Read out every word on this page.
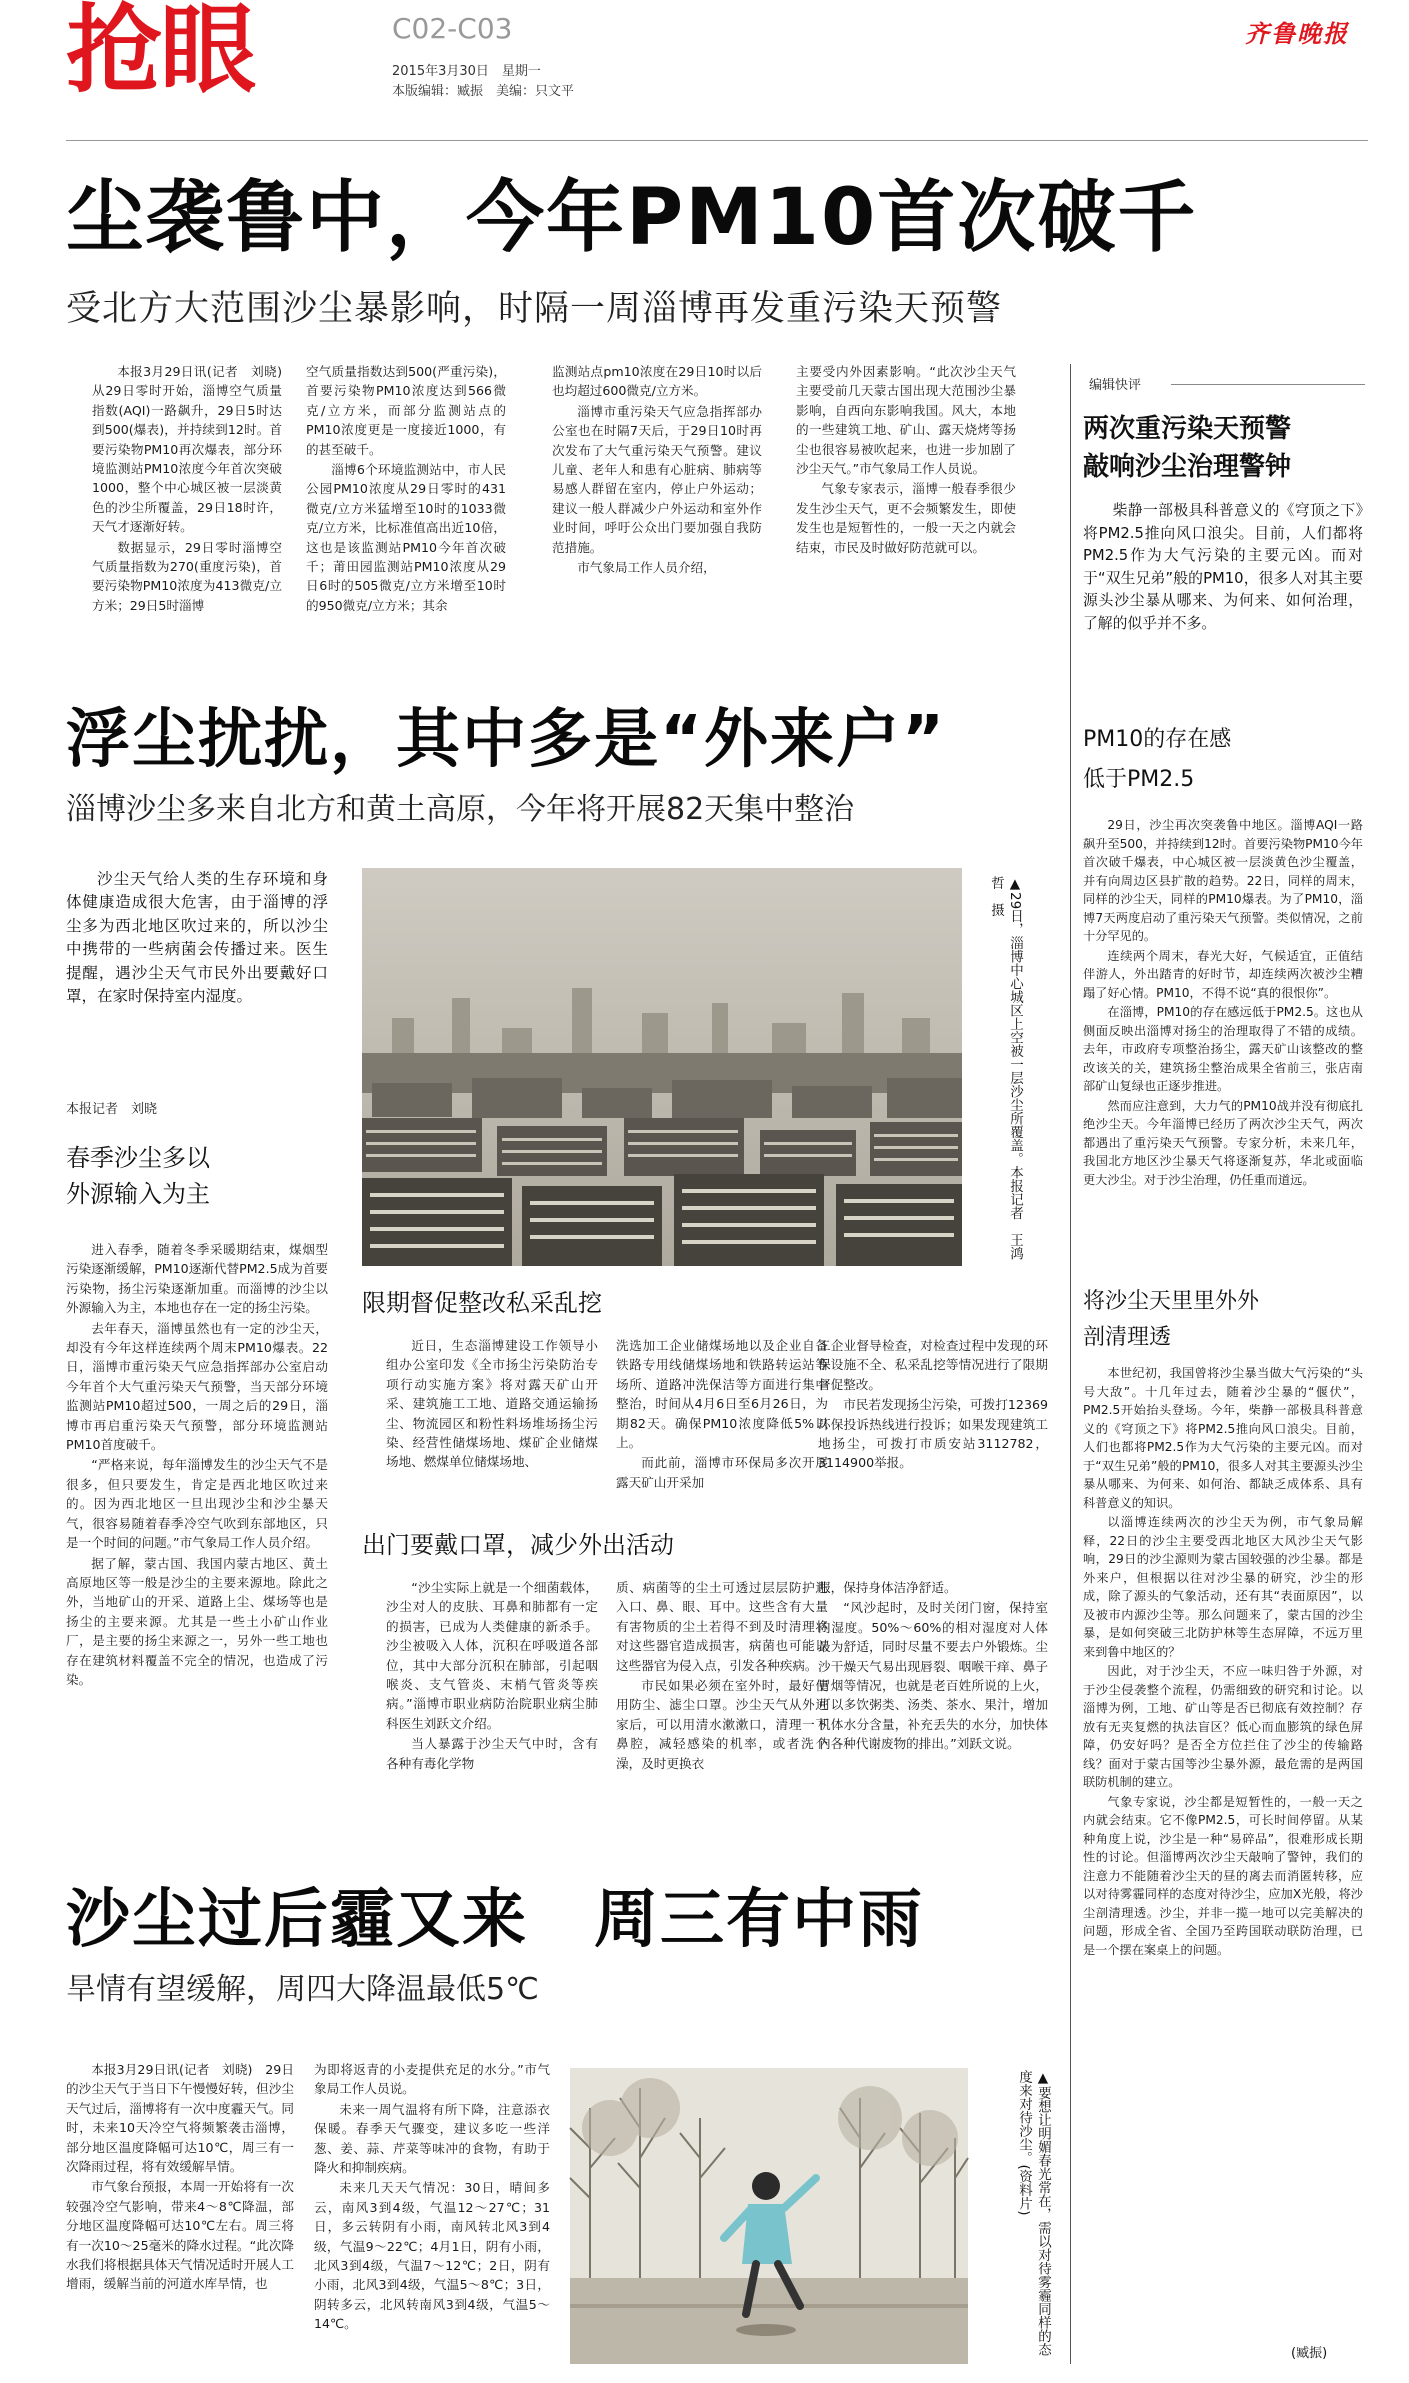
抢眼	C02-C03
2015年3月30日　星期一
本版编辑：臧振　美编：只文平
齐鲁晚报
尘袭鲁中，今年PM10首次破千
受北方大范围沙尘暴影响，时隔一周淄博再发重污染天预警

本报3月29日讯(记者　刘晓)　从29日零时开始，淄博空气质量指数(AQI)一路飙升，29日5时达到500(爆表)，并持续到12时。首要污染物PM10再次爆表，部分环境监测站PM10浓度今年首次突破1000，整个中心城区被一层淡黄色的沙尘所覆盖，29日18时许，天气才逐渐好转。

数据显示，29日零时淄博空气质量指数为270(重度污染)，首要污染物PM10浓度为413微克/立方米；29日5时淄博

空气质量指数达到500(严重污染)，首要污染物PM10浓度达到566微克/立方米，而部分监测站点的PM10浓度更是一度接近1000，有的甚至破千。

淄博6个环境监测站中，市人民公园PM10浓度从29日零时的431微克/立方米猛增至10时的1033微克/立方米，比标准值高出近10倍，这也是该监测站PM10今年首次破千；莆田园监测站PM10浓度从29日6时的505微克/立方米增至10时的950微克/立方米；其余

监测站点pm10浓度在29日10时以后也均超过600微克/立方米。

淄博市重污染天气应急指挥部办公室也在时隔7天后，于29日10时再次发布了大气重污染天气预警。建议儿童、老年人和患有心脏病、肺病等易感人群留在室内，停止户外运动；建议一般人群减少户外运动和室外作业时间，呼吁公众出门要加强自我防范措施。

市气象局工作人员介绍，

主要受内外因素影响。“此次沙尘天气主要受前几天蒙古国出现大范围沙尘暴影响，自西向东影响我国。风大，本地的一些建筑工地、矿山、露天烧烤等扬尘也很容易被吹起来，也进一步加剧了沙尘天气。”市气象局工作人员说。

气象专家表示，淄博一般春季很少发生沙尘天气，更不会频繁发生，即使发生也是短暂性的，一般一天之内就会结束，市民及时做好防范就可以。

浮尘扰扰，其中多是“外来户”
淄博沙尘多来自北方和黄土高原，今年将开展82天集中整治

沙尘天气给人类的生存环境和身体健康造成很大危害，由于淄博的浮尘多为西北地区吹过来的，所以沙尘中携带的一些病菌会传播过来。医生提醒，遇沙尘天气市民外出要戴好口罩，在家时保持室内湿度。

本报记者　刘晓	▲29日，淄博中心城区上空被一层沙尘所覆盖。本报记者　王鸿哲　摄
春季沙尘多以
外源输入为主

进入春季，随着冬季采暖期结束，煤烟型污染逐渐缓解，PM10逐渐代替PM2.5成为首要污染物，扬尘污染逐渐加重。而淄博的沙尘以外源输入为主，本地也存在一定的扬尘污染。

去年春天，淄博虽然也有一定的沙尘天，却没有今年这样连续两个周末PM10爆表。22日，淄博市重污染天气应急指挥部办公室启动今年首个大气重污染天气预警，当天部分环境监测站PM10超过500，一周之后的29日，淄博市再启重污染天气预警，部分环境监测站PM10首度破千。

“严格来说，每年淄博发生的沙尘天气不是很多，但只要发生，肯定是西北地区吹过来的。因为西北地区一旦出现沙尘和沙尘暴天气，很容易随着春季冷空气吹到东部地区，只是一个时间的问题。”市气象局工作人员介绍。

据了解，蒙古国、我国内蒙古地区、黄土高原地区等一般是沙尘的主要来源地。除此之外，当地矿山的开采、道路上尘、煤场等也是扬尘的主要来源。尤其是一些土小矿山作业厂，是主要的扬尘来源之一，另外一些工地也存在建筑材料覆盖不完全的情况，也造成了污染。

限期督促整改私采乱挖

近日，生态淄博建设工作领导小组办公室印发《全市扬尘污染防治专项行动实施方案》将对露天矿山开采、建筑施工工地、道路交通运输扬尘、物流园区和粉性料场堆场扬尘污染、经营性储煤场地、煤矿企业储煤场地、燃煤单位储煤场地、

洗选加工企业储煤场地以及企业自备铁路专用线储煤场地和铁路转运站等场所、道路冲洗保洁等方面进行集中整治，时间从4月6日至6月26日，为期82天。确保PM10浓度降低5%以上。

而此前，淄博市环保局多次开展露天矿山开采加

工企业督导检查，对检查过程中发现的环保设施不全、私采乱挖等情况进行了限期督促整改。

市民若发现扬尘污染，可拨打12369环保投诉热线进行投诉；如果发现建筑工地扬尘，可拨打市质安站3112782，3114900举报。

出门要戴口罩，减少外出活动

“沙尘实际上就是一个细菌载体，沙尘对人的皮肤、耳鼻和肺都有一定的损害，已成为人类健康的新杀手。沙尘被吸入人体，沉积在呼吸道各部位，其中大部分沉积在肺部，引起咽喉炎、支气管炎、末梢气管炎等疾病。”淄博市职业病防治院职业病尘肺科医生刘跃文介绍。

当人暴露于沙尘天气中时，含有各种有毒化学物

质、病菌等的尘土可透过层层防护进入口、鼻、眼、耳中。这些含有大量有害物质的尘土若得不到及时清理将对这些器官造成损害，病菌也可能以这些器官为侵入点，引发各种疾病。

市民如果必须在室外时，最好使用防尘、滤尘口罩。沙尘天气从外进家后，可以用清水漱漱口，清理一下鼻腔，减轻感染的机率，或者洗个澡，及时更换衣

服，保持身体洁净舒适。

“风沙起时，及时关闭门窗，保持室内湿度。50%～60%的相对湿度对人体最为舒适，同时尽量不要去户外锻炼。尘沙干燥天气易出现唇裂、咽喉干痒、鼻子冒烟等情况，也就是老百姓所说的上火，可以多饮粥类、汤类、茶水、果汁，增加机体水分含量，补充丢失的水分，加快体内各种代谢废物的排出。”刘跃文说。

沙尘过后霾又来　周三有中雨
旱情有望缓解，周四大降温最低5℃

本报3月29日讯(记者　刘晓)　29日的沙尘天气于当日下午慢慢好转，但沙尘天气过后，淄博将有一次中度霾天气。同时，未来10天冷空气将频繁袭击淄博，部分地区温度降幅可达10℃，周三有一次降雨过程，将有效缓解旱情。

市气象台预报，本周一开始将有一次较强冷空气影响，带来4～8℃降温，部分地区温度降幅可达10℃左右。周三将有一次10～25毫米的降水过程。“此次降水我们将根据具体天气情况适时开展人工增雨，缓解当前的河道水库旱情，也

为即将返青的小麦提供充足的水分。”市气象局工作人员说。

未来一周气温将有所下降，注意添衣保暖。春季天气骤变，建议多吃一些洋葱、姜、蒜、芹菜等味冲的食物，有助于降火和抑制疾病。

未来几天天气情况：30日，晴间多云，南风3到4级，气温12～27℃；31日，多云转阴有小雨，南风转北风3到4级，气温9～22℃；4月1日，阴有小雨，北风3到4级，气温7～12℃；2日，阴有小雨，北风3到4级，气温5～8℃；3日，阴转多云，北风转南风3到4级，气温5～14℃。	▲要想让明媚春光常在，需以对待雾霾同样的态度来对待沙尘。(资料片)
编辑快评
两次重污染天预警
敲响沙尘治理警钟

柴静一部极具科普意义的《穹顶之下》将PM2.5推向风口浪尖。目前，人们都将PM2.5作为大气污染的主要元凶。而对于“双生兄弟”般的PM10，很多人对其主要源头沙尘暴从哪来、为何来、如何治理，了解的似乎并不多。

PM10的存在感
低于PM2.5

29日，沙尘再次突袭鲁中地区。淄博AQI一路飙升至500，并持续到12时。首要污染物PM10今年首次破千爆表，中心城区被一层淡黄色沙尘覆盖，并有向周边区县扩散的趋势。22日，同样的周末，同样的沙尘天，同样的PM10爆表。为了PM10，淄博7天两度启动了重污染天气预警。类似情况，之前十分罕见的。

连续两个周末，春光大好，气候适宜，正值结伴游人，外出踏青的好时节，却连续两次被沙尘糟蹋了好心情。PM10，不得不说“真的很恨你”。

在淄博，PM10的存在感远低于PM2.5。这也从侧面反映出淄博对扬尘的治理取得了不错的成绩。去年，市政府专项整治扬尘，露天矿山该整改的整改该关的关，建筑扬尘整治成果全省前三，张店南部矿山复绿也正逐步推进。

然而应注意到，大力气的PM10战并没有彻底扎绝沙尘天。今年淄博已经历了两次沙尘天气，两次都遇出了重污染天气预警。专家分析，未来几年，我国北方地区沙尘暴天气将逐渐复苏，华北或面临更大沙尘。对于沙尘治理，仍任重而道远。

将沙尘天里里外外
剖清理透

本世纪初，我国曾将沙尘暴当做大气污染的“头号大敌”。十几年过去，随着沙尘暴的“偃伏”，PM2.5开始抬头登场。今年，柴静一部极具科普意义的《穹顶之下》将PM2.5推向风口浪尖。目前，人们也都将PM2.5作为大气污染的主要元凶。而对于“双生兄弟”般的PM10，很多人对其主要源头沙尘暴从哪来、为何来、如何治、都缺乏成体系、具有科普意义的知识。

以淄博连续两次的沙尘天为例，市气象局解释，22日的沙尘主要受西北地区大风沙尘天气影响，29日的沙尘源则为蒙古国较强的沙尘暴。都是外来户，但根据以往对沙尘暴的研究，沙尘的形成，除了源头的气象活动，还有其“表面原因”，以及被市内源沙尘等。那么问题来了，蒙古国的沙尘暴，是如何突破三北防护林等生态屏障，不远万里来到鲁中地区的？

因此，对于沙尘天，不应一味归咎于外源，对于沙尘侵袭整个流程，仍需细致的研究和讨论。以淄博为例，工地、矿山等是否已彻底有效控制？存放有无夹复燃的执法盲区？低心而血膨筑的绿色屏障，仍安好吗？是否全方位拦住了沙尘的传输路线？面对于蒙古国等沙尘暴外源，最危需的是两国联防机制的建立。

气象专家说，沙尘都是短暂性的，一般一天之内就会结束。它不像PM2.5，可长时间停留。从某种角度上说，沙尘是一种“易碎品”，很难形成长期性的讨论。但淄博两次沙尘天敲响了警钟，我们的注意力不能随着沙尘天的昼的离去而消匿转移，应以对待雾霾同样的态度对待沙尘，应加X光般，将沙尘剖清理透。沙尘，并非一揽一地可以完美解决的问题，形成全省、全国乃至跨国联动联防治理，已是一个摆在案桌上的问题。

(臧振)
